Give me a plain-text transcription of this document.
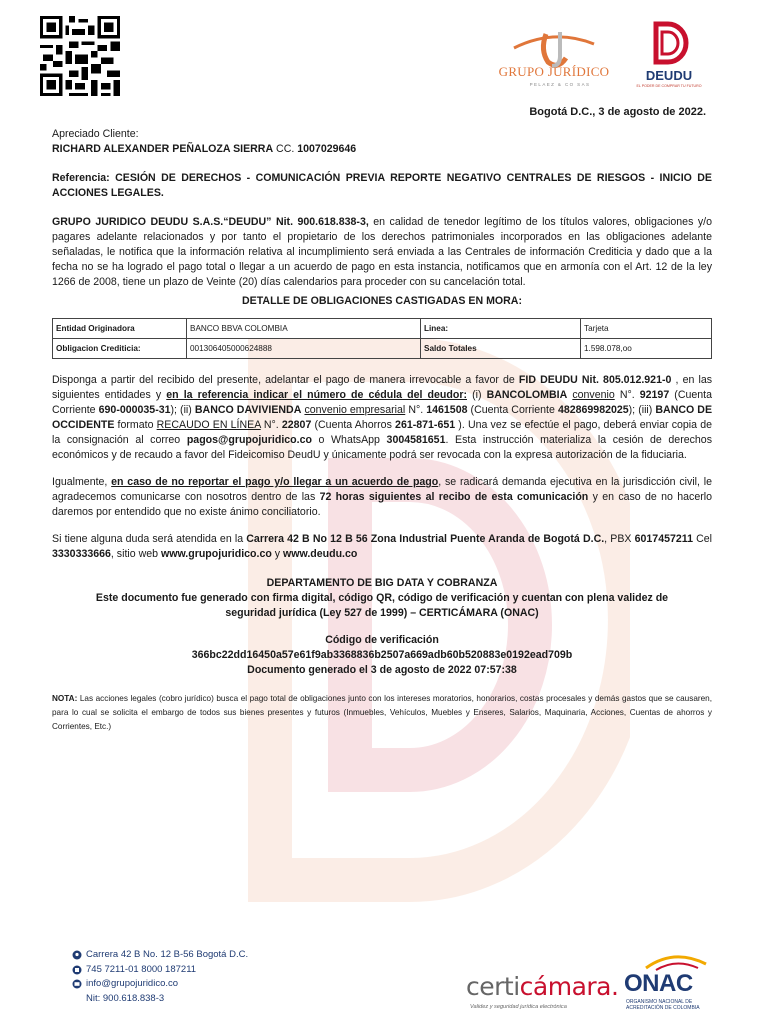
GRUPO JURÍDICO
PELAEZ & CO SAS
DEUDU
EL PODER DE COMPRAR TU FUTURO
Bogotá D.C., 3 de agosto de 2022.

Apreciado Cliente:

RICHARD ALEXANDER PEÑALOZA SIERRA CC. 1007029646

Referencia: CESIÓN DE DERECHOS - COMUNICACIÓN PREVIA REPORTE NEGATIVO CENTRALES DE RIESGOS - INICIO DE ACCIONES LEGALES.

GRUPO JURIDICO DEUDU S.A.S.“DEUDU” Nit. 900.618.838-3, en calidad de tenedor legítimo de los títulos valores, obligaciones y/o pagares adelante relacionados y por tanto el propietario de los derechos patrimoniales incorporados en las obligaciones adelante señaladas, le notifica que la información relativa al incumplimiento será enviada a las Centrales de información Crediticia y dado que a la fecha no se ha logrado el pago total o llegar a un acuerdo de pago en esta instancia, notificamos que en armonía con el Art. 12 de la ley 1266 de 2008, tiene un plazo de Veinte (20) días calendarios para proceder con su cancelación total.

DETALLE DE OBLIGACIONES CASTIGADAS EN MORA:

Entidad Originadora	BANCO BBVA COLOMBIA	Linea:	Tarjeta
Obligacion Crediticia:	001306405000624888	Saldo Totales	1.598.078,oo

Disponga a partir del recibido del presente, adelantar el pago de manera irrevocable a favor de FID DEUDU Nit. 805.012.921-0 , en las siguientes entidades y en la referencia indicar el número de cédula del deudor: (i) BANCOLOMBIA convenio N°. 92197 (Cuenta Corriente 690-000035-31); (ii) BANCO DAVIVIENDA convenio empresarial N°. 1461508 (Cuenta Corriente 482869982025); (iii) BANCO DE OCCIDENTE formato RECAUDO EN LÍNEA N°. 22807 (Cuenta Ahorros 261-871-651 ). Una vez se efectúe el pago, deberá enviar copia de la consignación al correo pagos@grupojuridico.co o WhatsApp 3004581651. Esta instrucción materializa la cesión de derechos económicos y de recaudo a favor del Fideicomiso DeudU y únicamente podrá ser revocada con la expresa autorización de la fiduciaria.

Igualmente, en caso de no reportar el pago y/o llegar a un acuerdo de pago, se radicará demanda ejecutiva en la jurisdicción civil, le agradecemos comunicarse con nosotros dentro de las 72 horas siguientes al recibo de esta comunicación y en caso de no hacerlo daremos por entendido que no existe ánimo conciliatorio.

Si tiene alguna duda será atendida en la Carrera 42 B No 12 B 56 Zona Industrial Puente Aranda de Bogotá D.C., PBX 6017457211 Cel 3330333666, sitio web www.grupojuridico.co y www.deudu.co

DEPARTAMENTO DE BIG DATA Y COBRANZA
Este documento fue generado con firma digital, código QR, código de verificación y cuentan con plena validez de seguridad jurídica (Ley 527 de 1999) – CERTICÁMARA (ONAC)
Código de verificación
366bc22dd16450a57e61f9ab3368836b2507a669adb60b520883e0192ead709b
Documento generado el 3 de agosto de 2022 07:57:38

NOTA: Las acciones legales (cobro jurídico) busca el pago total de obligaciones junto con los intereses moratorios, honorarios, costas procesales y demás gastos que se causaren, para lo cual se solicita el embargo de todos sus bienes presentes y futuros (Inmuebles, Vehículos, Muebles y Enseres, Salarios, Maquinaria, Acciones, Cuentas de ahorros y Corrientes, Etc.)

Carrera 42 B No. 12 B-56 Bogotá D.C.
745 7211-01 8000 187211
info@grupojuridico.co
Nit: 900.618.838-3	certicámara.
Validez y seguridad jurídica electrónica
ONAC
ORGANISMO NACIONAL DE ACREDITACIÓN DE COLOMBIA
